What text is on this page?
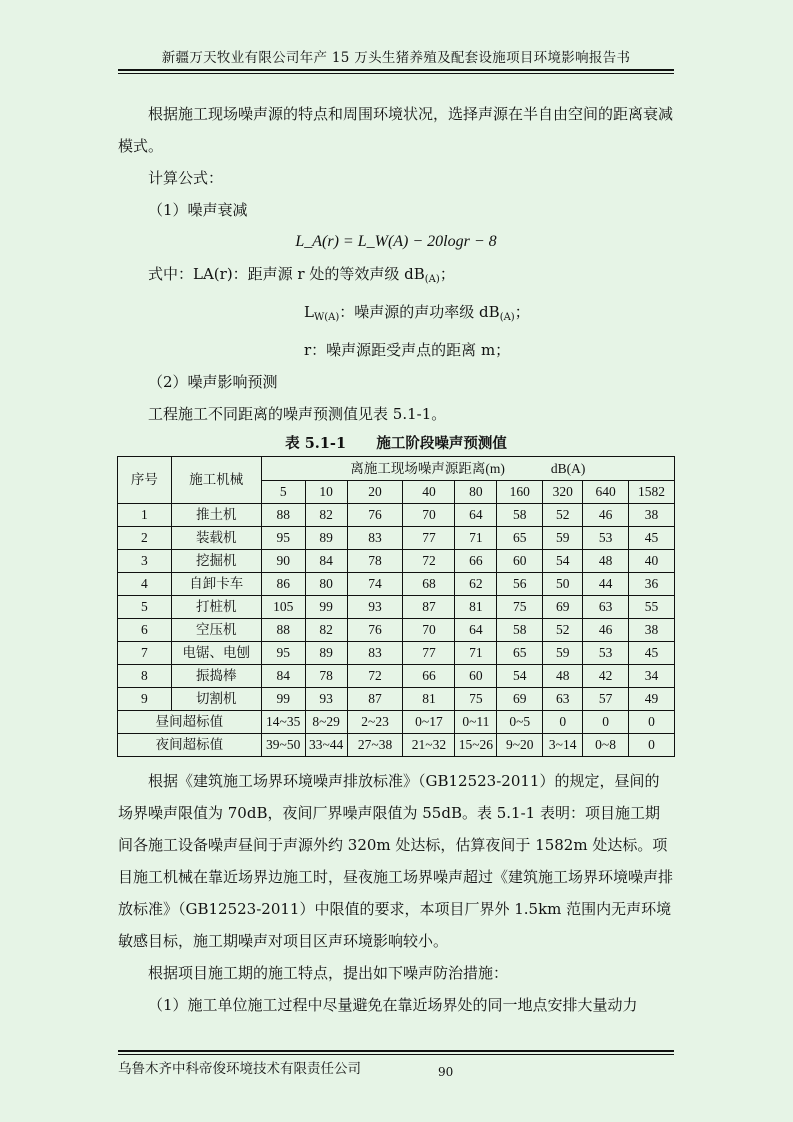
新疆万天牧业有限公司年产 15 万头生猪养殖及配套设施项目环境影响报告书

根据施工现场噪声源的特点和周围环境状况，选择声源在半自由空间的距离衰减模式。

计算公式：

（1）噪声衰减

L_A(r) = L_W(A) − 20logr − 8

式中：LA(r)：距声源 r 处的等效声级 $dB_{(A)}$；

$L_{W(A)}$：噪声源的声功率级 $dB_{(A)}$；

r：噪声源距受声点的距离 m；

（2）噪声影响预测

工程施工不同距离的噪声预测值见表 5.1-1。

表 5.1-1      施工阶段噪声预测值
序号	施工机械	离施工现场噪声源距离(m) dB(A)								
		5	10	20	40	80	160	320	640	1582
1	推土机	88	82	76	70	64	58	52	46	38
2	装载机	95	89	83	77	71	65	59	53	45
3	挖掘机	90	84	78	72	66	60	54	48	40
4	自卸卡车	86	80	74	68	62	56	50	44	36
5	打桩机	105	99	93	87	81	75	69	63	55
6	空压机	88	82	76	70	64	58	52	46	38
7	电锯、电刨	95	89	83	77	71	65	59	53	45
8	振捣棒	84	78	72	66	60	54	48	42	34
9	切割机	99	93	87	81	75	69	63	57	49
昼间超标值		14~35	8~29	2~23	0~17	0~11	0~5	0	0	0
夜间超标值		39~50	33~44	27~38	21~32	15~26	9~20	3~14	0~8	0

根据《建筑施工场界环境噪声排放标准》（GB12523-2011）的规定，昼间的场界噪声限值为 70dB，夜间厂界噪声限值为 55dB。表 5.1-1 表明：项目施工期间各施工设备噪声昼间于声源外约 320m 处达标，估算夜间于 1582m 处达标。项目施工机械在靠近场界边施工时，昼夜施工场界噪声超过《建筑施工场界环境噪声排放标准》（GB12523-2011）中限值的要求，本项目厂界外 1.5km 范围内无声环境敏感目标，施工期噪声对项目区声环境影响较小。

根据项目施工期的施工特点，提出如下噪声防治措施：

（1）施工单位施工过程中尽量避免在靠近场界处的同一地点安排大量动力

乌鲁木齐中科帝俊环境技术有限责任公司	90
